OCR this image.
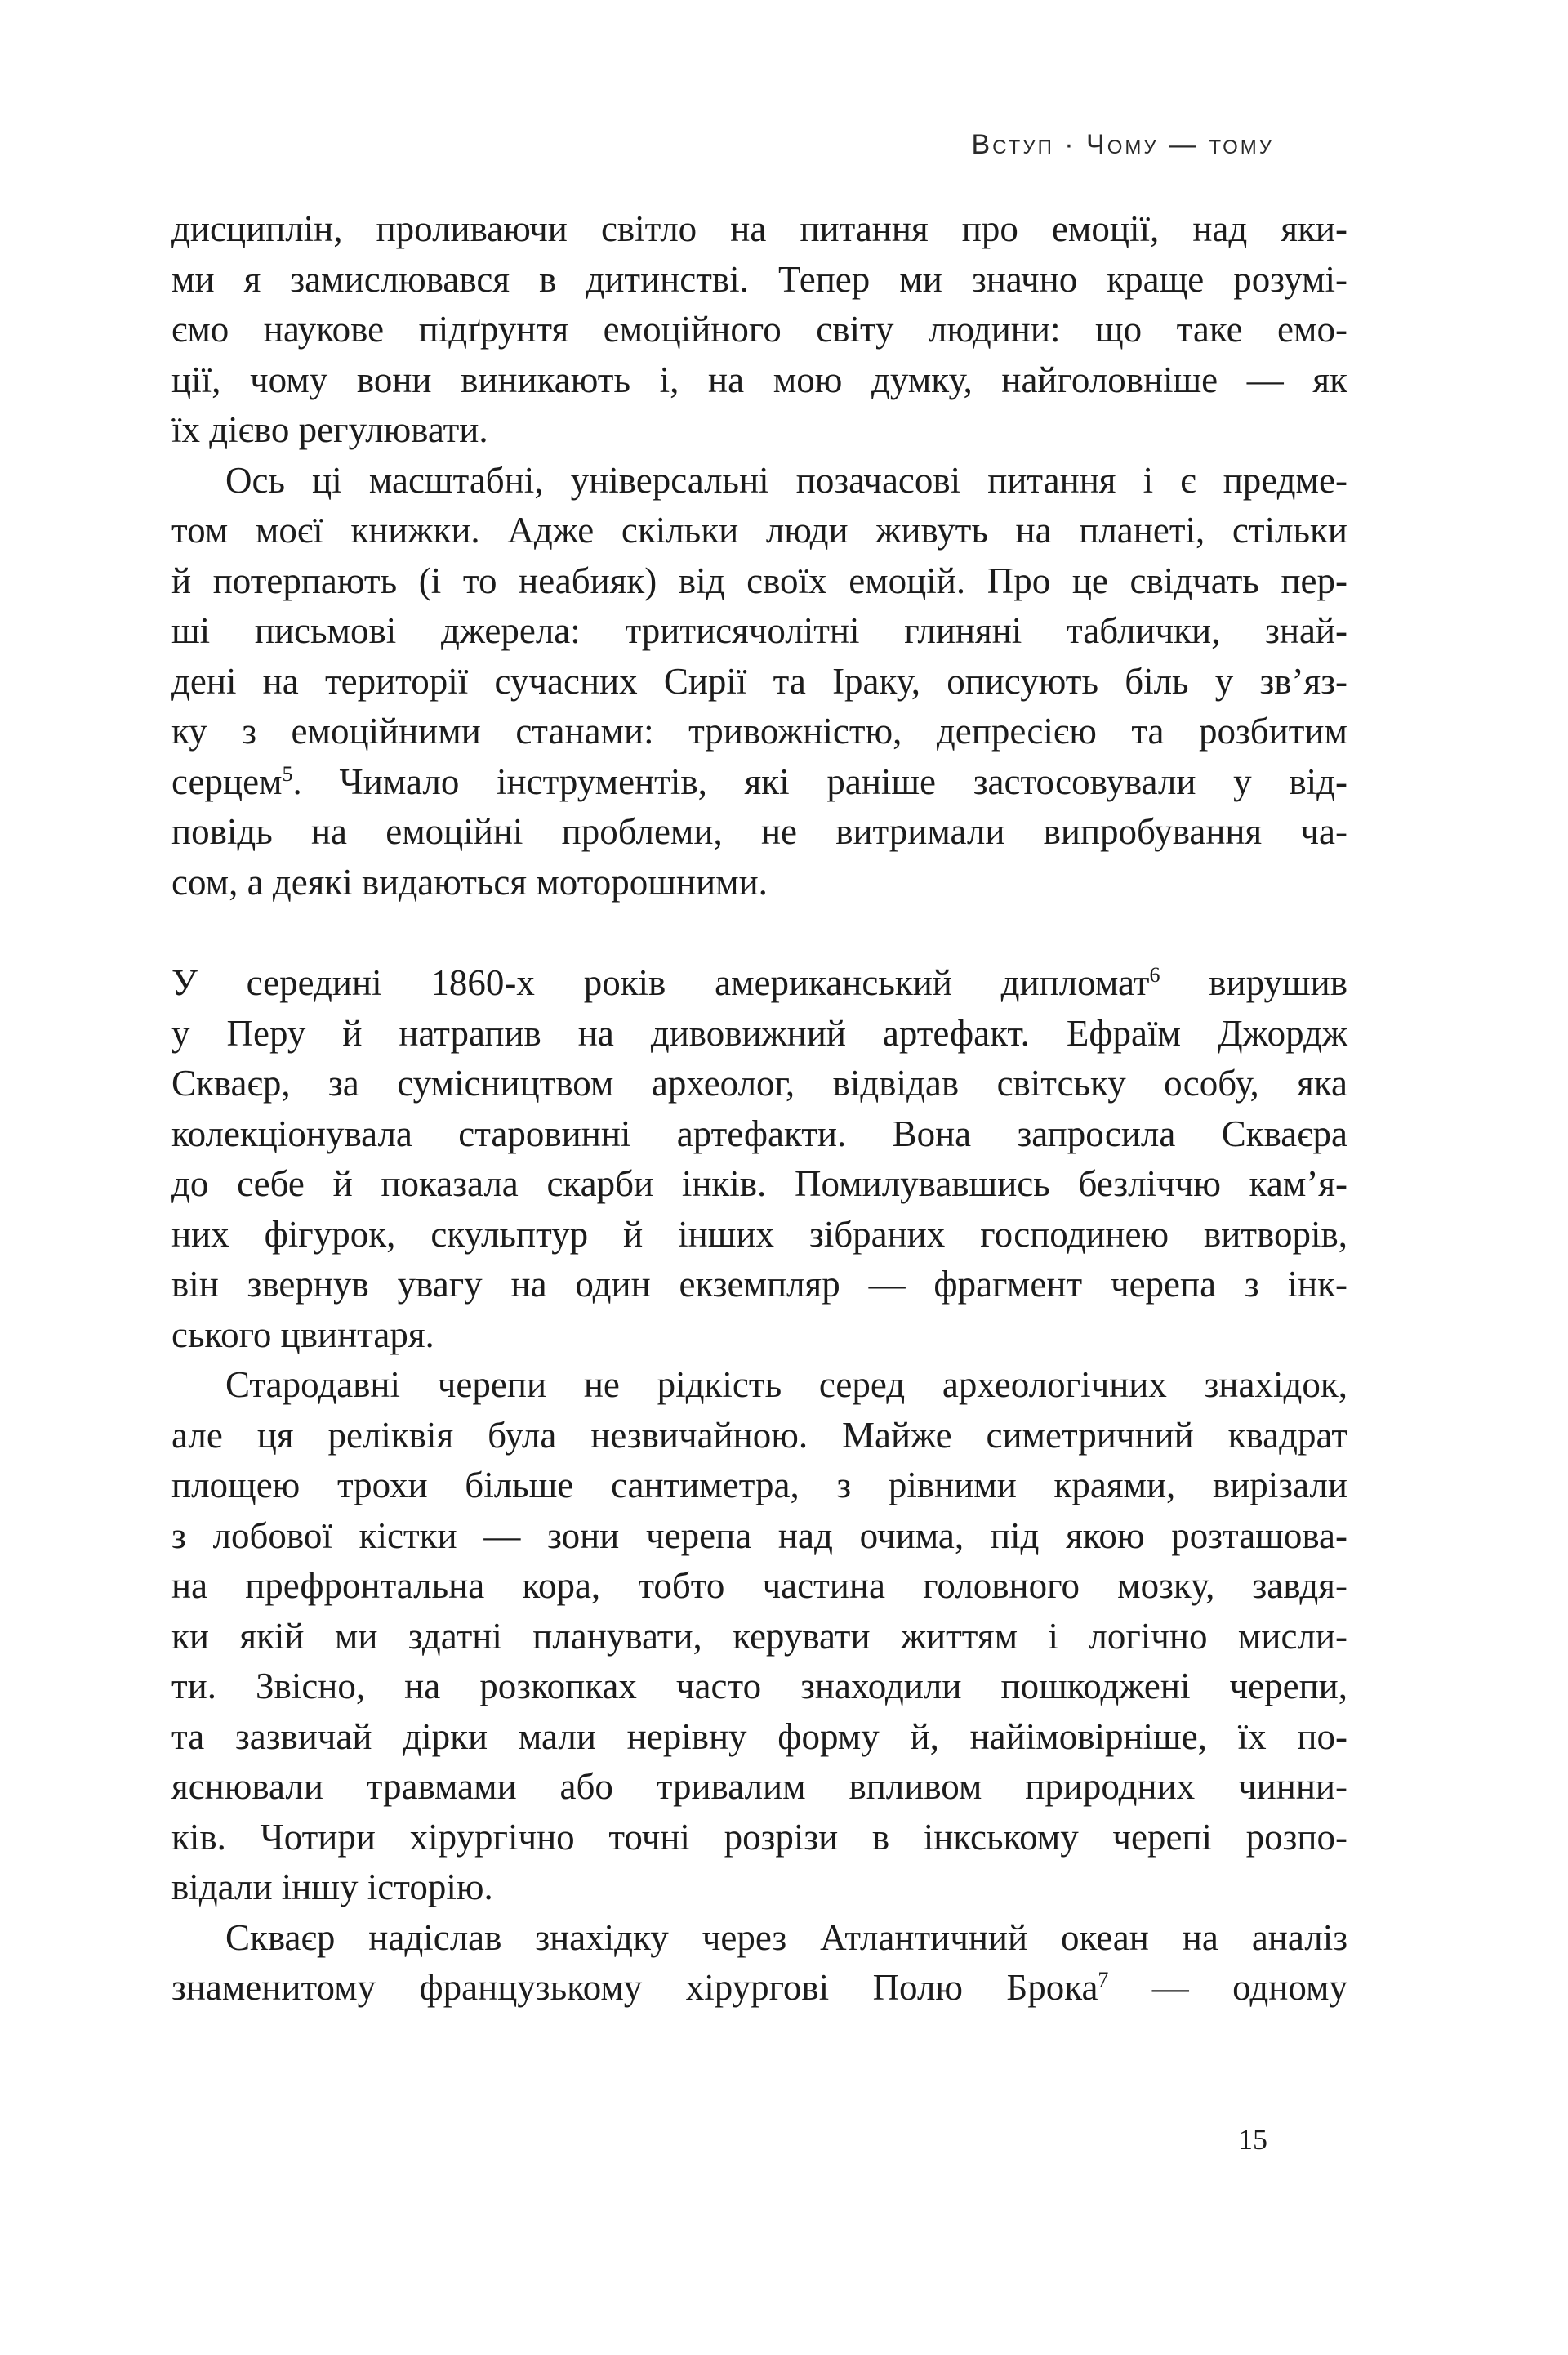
Вступ · Чому — тому

дисциплін, проливаючи світло на питання про емоції, над яки-
ми я замислювався в дитинстві. Тепер ми значно краще розумі-
ємо наукове підґрунтя емоційного світу людини: що таке емо-
ції, чому вони виникають і, на мою думку, найголовніше — як
їх дієво регулювати.

Ось ці масштабні, універсальні позачасові питання і є предме-
том моєї книжки. Адже скільки люди живуть на планеті, стільки
й потерпають (і то неабияк) від своїх емоцій. Про це свідчать пер-
ші письмові джерела: тритисячолітні глиняні таблички, знай-
дені на території сучасних Сирії та Іраку, описують біль у зв’яз-
ку з емоційними станами: тривожністю, депресією та розбитим
серцем$^5$. Чимало інструментів, які раніше застосовували у від-
повідь на емоційні проблеми, не витримали випробування ча-
сом, а деякі видаються моторошними.

У середині 1860-х років американський дипломат$^6$ вирушив
у Перу й натрапив на дивовижний артефакт. Ефраїм Джордж
Скваєр, за сумісництвом археолог, відвідав світську особу, яка
колекціонувала старовинні артефакти. Вона запросила Скваєра
до себе й показала скарби інків. Помилувавшись безліччю кам’я-
них фігурок, скульптур й інших зібраних господинею витворів,
він звернув увагу на один екземпляр — фрагмент черепа з інк-
ського цвинтаря.

Стародавні черепи не рідкість серед археологічних знахідок,
але ця реліквія була незвичайною. Майже симетричний квадрат
площею трохи більше сантиметра, з рівними краями, вирізали
з лобової кістки — зони черепа над очима, під якою розташова-
на префронтальна кора, тобто частина головного мозку, завдя-
ки якій ми здатні планувати, керувати життям і логічно мисли-
ти. Звісно, на розкопках часто знаходили пошкоджені черепи,
та зазвичай дірки мали нерівну форму й, найімовірніше, їх по-
яснювали травмами або тривалим впливом природних чинни-
ків. Чотири хірургічно точні розрізи в інкському черепі розпо-
відали іншу історію.

Скваєр надіслав знахідку через Атлантичний океан на аналіз
знаменитому французькому хірургові Полю Брока$^7$ — одному

15
